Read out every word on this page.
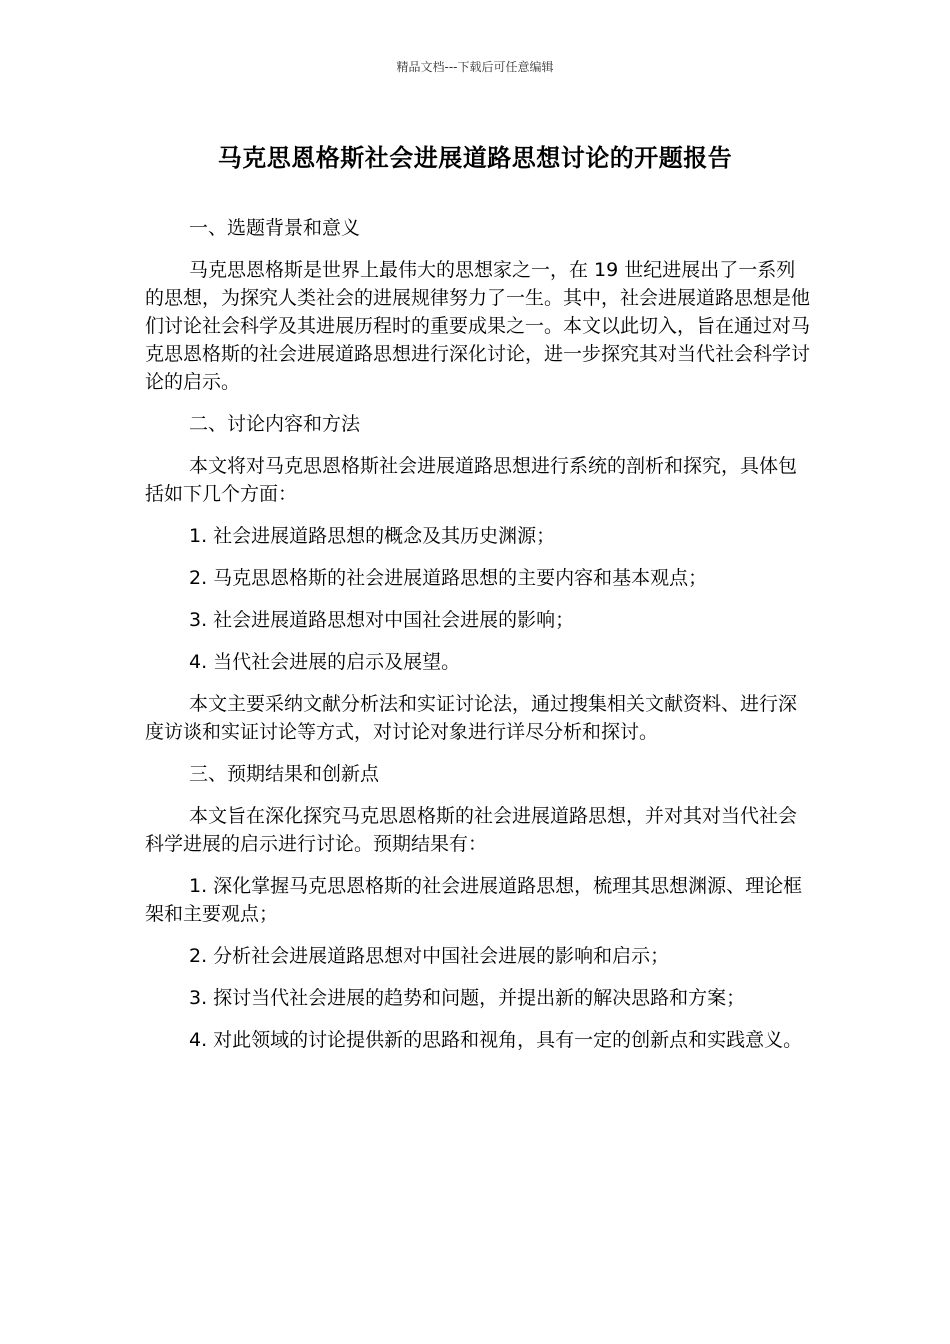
精品文档---下载后可任意编辑
马克思恩格斯社会进展道路思想讨论的开题报告

一、选题背景和意义

马克思恩格斯是世界上最伟大的思想家之一，在 19 世纪进展出了一系列的思想，为探究人类社会的进展规律努力了一生。其中，社会进展道路思想是他们讨论社会科学及其进展历程时的重要成果之一。本文以此切入，旨在通过对马克思恩格斯的社会进展道路思想进行深化讨论，进一步探究其对当代社会科学讨论的启示。

二、讨论内容和方法

本文将对马克思恩格斯社会进展道路思想进行系统的剖析和探究，具体包括如下几个方面：

1. 社会进展道路思想的概念及其历史渊源；

2. 马克思恩格斯的社会进展道路思想的主要内容和基本观点；

3. 社会进展道路思想对中国社会进展的影响；

4. 当代社会进展的启示及展望。

本文主要采纳文献分析法和实证讨论法，通过搜集相关文献资料、进行深度访谈和实证讨论等方式，对讨论对象进行详尽分析和探讨。

三、预期结果和创新点

本文旨在深化探究马克思恩格斯的社会进展道路思想，并对其对当代社会科学进展的启示进行讨论。预期结果有：

1. 深化掌握马克思恩格斯的社会进展道路思想，梳理其思想渊源、理论框架和主要观点；

2. 分析社会进展道路思想对中国社会进展的影响和启示；

3. 探讨当代社会进展的趋势和问题，并提出新的解决思路和方案；

4. 对此领域的讨论提供新的思路和视角，具有一定的创新点和实践意义。
